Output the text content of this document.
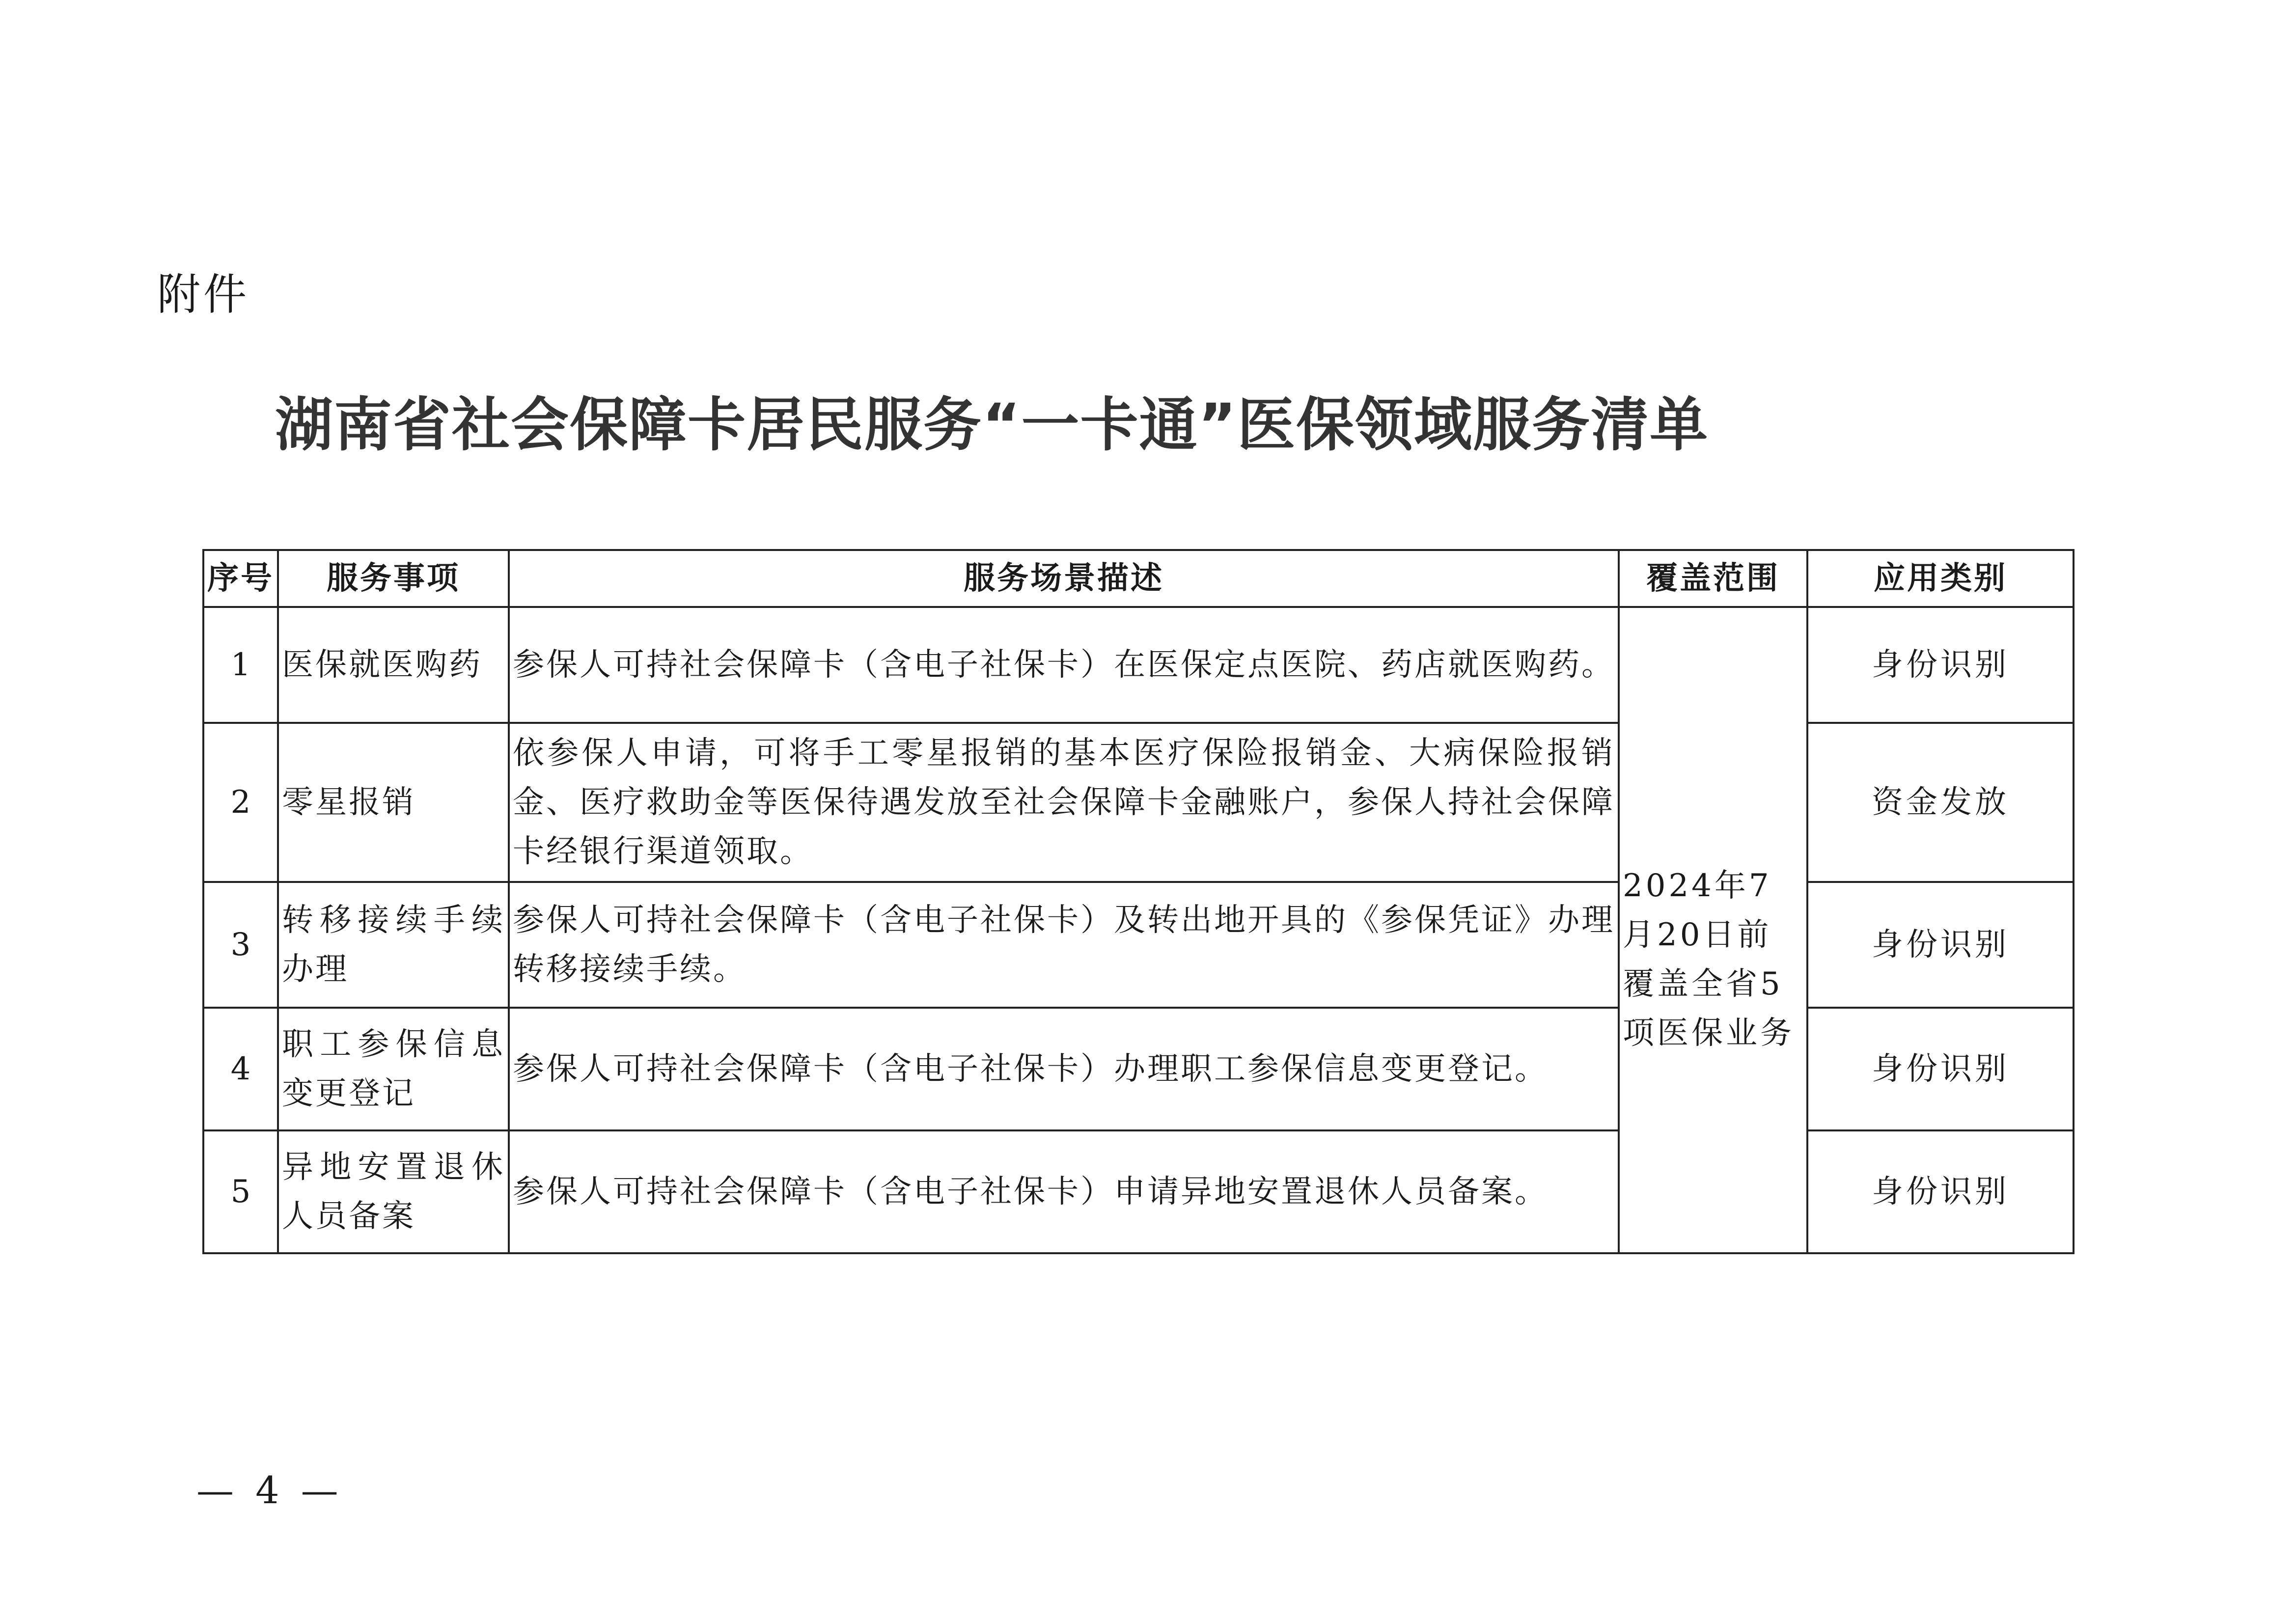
附件
湖南省社会保障卡居民服务“一卡通”医保领域服务清单
序号	服务事项	服务场景描述	覆盖范围	应用类别
1	医保就医购药	参保人可持社会保障卡（含电子社保卡）在医保定点医院、药店就医购药。	2024年7月20日前覆盖全省5项医保业务	身份识别
2	零星报销	依参保人申请，可将手工零星报销的基本医疗保险报销金、大病保险报销金、医疗救助金等医保待遇发放至社会保障卡金融账户，参保人持社会保障卡经银行渠道领取。		资金发放
3	转移接续手续办理	参保人可持社会保障卡（含电子社保卡）及转出地开具的《参保凭证》办理转移接续手续。		身份识别
4	职工参保信息变更登记	参保人可持社会保障卡（含电子社保卡）办理职工参保信息变更登记。		身份识别
5	异地安置退休人员备案	参保人可持社会保障卡（含电子社保卡）申请异地安置退休人员备案。		身份识别
— 4 —
